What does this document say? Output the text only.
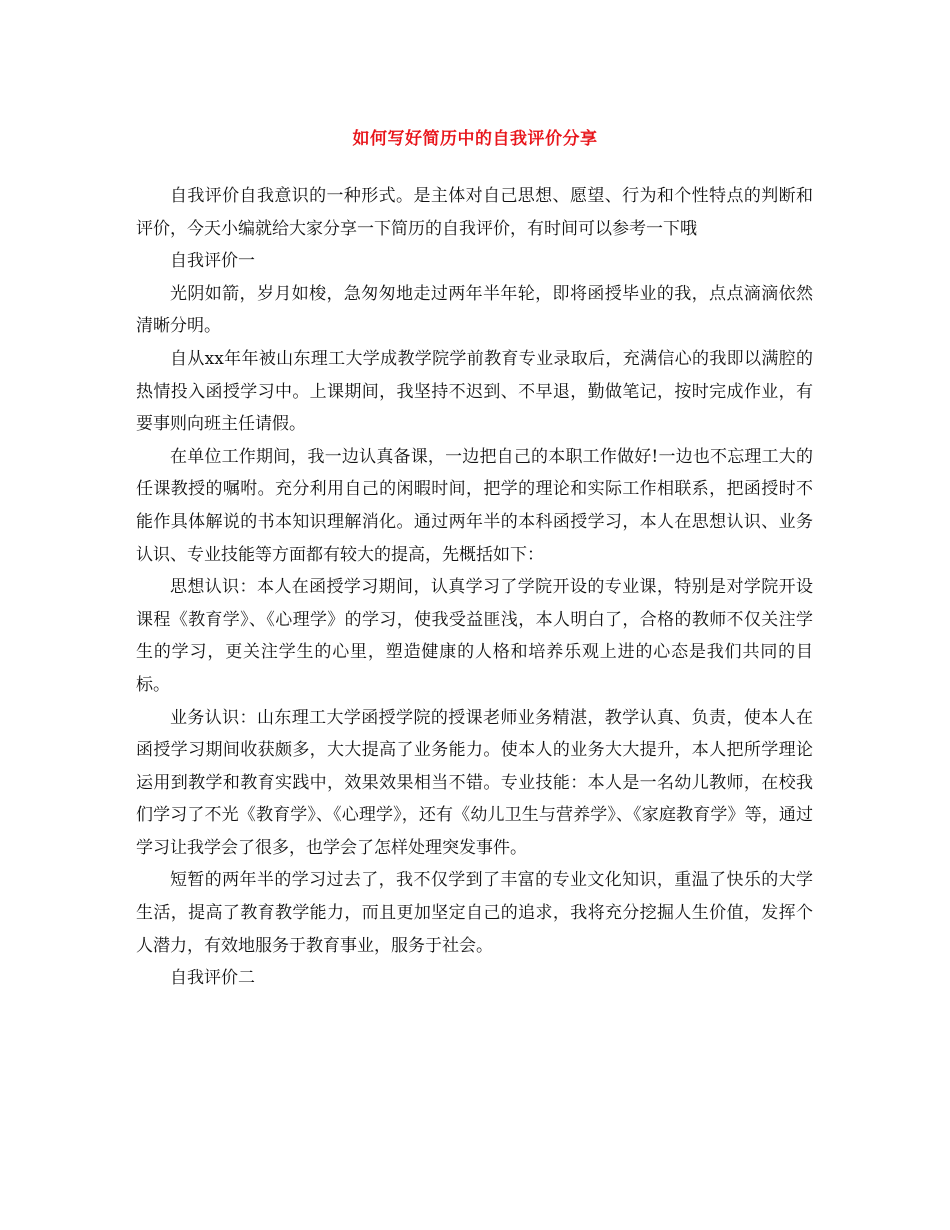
如何写好简历中的自我评价分享

自我评价自我意识的一种形式。是主体对自己思想、愿望、行为和个性特点的判断和评价，今天小编就给大家分享一下简历的自我评价，有时间可以参考一下哦

自我评价一

光阴如箭，岁月如梭，急匆匆地走过两年半年轮，即将函授毕业的我，点点滴滴依然清晰分明。

自从xx年年被山东理工大学成教学院学前教育专业录取后，充满信心的我即以满腔的热情投入函授学习中。上课期间，我坚持不迟到、不早退，勤做笔记，按时完成作业，有要事则向班主任请假。

在单位工作期间，我一边认真备课，一边把自己的本职工作做好!一边也不忘理工大的任课教授的嘱咐。充分利用自己的闲暇时间，把学的理论和实际工作相联系，把函授时不能作具体解说的书本知识理解消化。通过两年半的本科函授学习，本人在思想认识、业务认识、专业技能等方面都有较大的提高，先概括如下：

思想认识：本人在函授学习期间，认真学习了学院开设的专业课，特别是对学院开设课程《教育学》、《心理学》的学习，使我受益匪浅，本人明白了，合格的教师不仅关注学生的学习，更关注学生的心里，塑造健康的人格和培养乐观上进的心态是我们共同的目标。

业务认识：山东理工大学函授学院的授课老师业务精湛，教学认真、负责，使本人在函授学习期间收获颇多，大大提高了业务能力。使本人的业务大大提升，本人把所学理论运用到教学和教育实践中，效果效果相当不错。专业技能：本人是一名幼儿教师，在校我们学习了不光《教育学》、《心理学》，还有《幼儿卫生与营养学》、《家庭教育学》等，通过学习让我学会了很多，也学会了怎样处理突发事件。

短暂的两年半的学习过去了，我不仅学到了丰富的专业文化知识，重温了快乐的大学生活，提高了教育教学能力，而且更加坚定自己的追求，我将充分挖掘人生价值，发挥个人潜力，有效地服务于教育事业，服务于社会。

自我评价二
